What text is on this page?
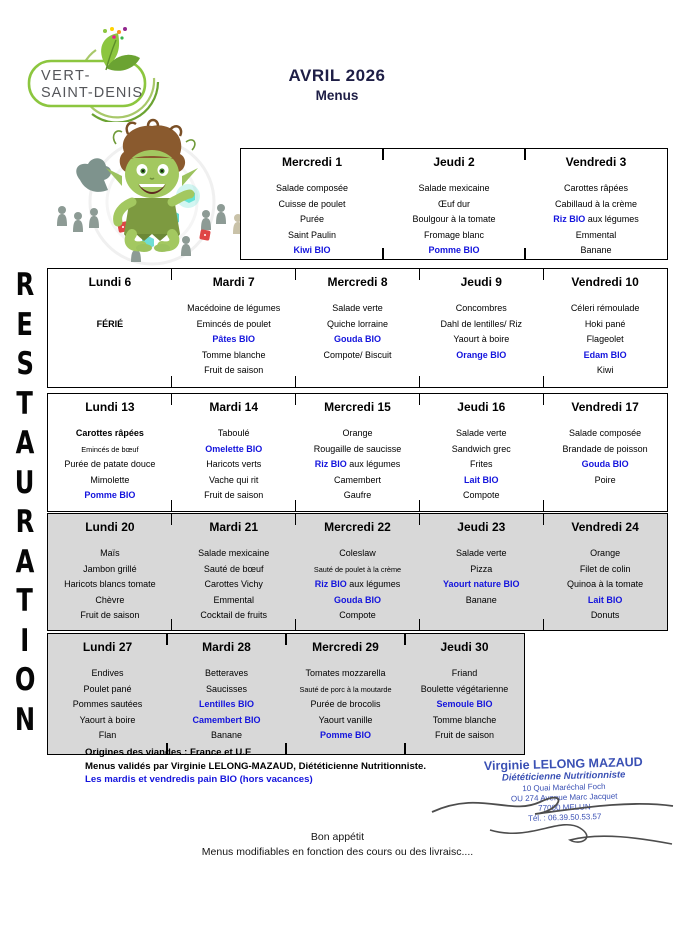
VERT-
SAINT-DENIS
AVRIL 2026
Menus
R
E
S
T
A
U
R
A
T
I
O
N
Mercredi 1
Salade composée
Cuisse de poulet
Purée
Saint Paulin
Kiwi BIO
Jeudi 2
Salade mexicaine
Œuf dur
Boulgour à la tomate
Fromage blanc
Pomme BIO
Vendredi 3
Carottes râpées
Cabillaud à la crème
Riz BIO aux légumes
Emmental
Banane
Lundi 6
FÉRIÉ
Mardi 7
Macédoine de légumes
Emincés de poulet
Pâtes BIO
Tomme blanche
Fruit de saison
Mercredi 8
Salade verte
Quiche lorraine
Gouda BIO
Compote/ Biscuit
Jeudi 9
Concombres
Dahl de lentilles/ Riz
Yaourt à boire
Orange BIO
Vendredi 10
Céleri rémoulade
Hoki pané
Flageolet
Edam BIO
Kiwi
Lundi 13
Carottes râpées
Emincés de bœuf
Purée de patate douce
Mimolette
Pomme BIO
Mardi 14
Taboulé
Omelette BIO
Haricots verts
Vache qui rit
Fruit de saison
Mercredi 15
Orange
Rougaille de saucisse
Riz BIO aux légumes
Camembert
Gaufre
Jeudi 16
Salade verte
Sandwich grec
Frites
Lait BIO
Compote
Vendredi 17
Salade composée
Brandade de poisson
Gouda BIO
Poire
Lundi 20
Maïs
Jambon grillé
Haricots blancs tomate
Chèvre
Fruit de saison
Mardi 21
Salade mexicaine
Sauté de bœuf
Carottes Vichy
Emmental
Cocktail de fruits
Mercredi 22
Coleslaw
Sauté de poulet à la crème
Riz BIO aux légumes
Gouda BIO
Compote
Jeudi 23
Salade verte
Pizza
Yaourt nature BIO
Banane
Vendredi 24
Orange
Filet de colin
Quinoa à la tomate
Lait BIO
Donuts
Lundi 27
Endives
Poulet pané
Pommes sautées
Yaourt à boire
Flan
Mardi 28
Betteraves
Saucisses
Lentilles BIO
Camembert BIO
Banane
Mercredi 29
Tomates mozzarella
Sauté de porc à la moutarde
Purée de brocolis
Yaourt vanille
Pomme BIO
Jeudi 30
Friand
Boulette végétarienne
Semoule BIO
Tomme blanche
Fruit de saison
Origines des viandes : France et U.E
Menus validés par Virginie LELONG-MAZAUD, Diététicienne Nutritionniste.
Les mardis et vendredis pain BIO (hors vacances)
Virginie LELONG MAZAUD
Diététicienne Nutritionniste
10 Quai Maréchal Foch
OU 274 Avenue Marc Jacquet
77000 MELUN
Tél. : 06.39.50.53.57
Bon appétit
Menus modifiables en fonction des cours ou des livraisc....
